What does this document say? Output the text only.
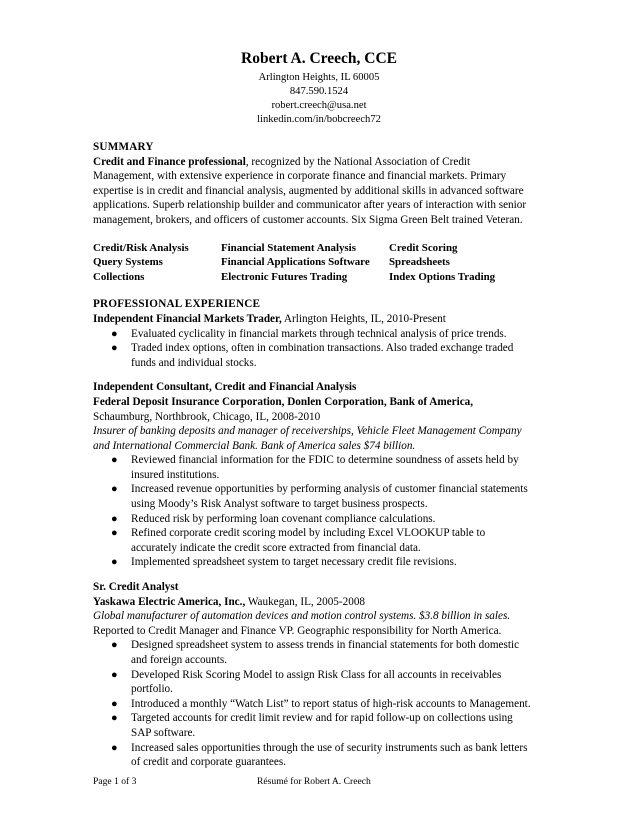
Robert A. Creech, CCE
Arlington Heights, IL 60005
847.590.1524
robert.creech@usa.net
linkedin.com/in/bobcreech72
SUMMARY
Credit and Finance professional, recognized by the National Association of Credit
Management, with extensive experience in corporate finance and financial markets. Primary
expertise is in credit and financial analysis, augmented by additional skills in advanced software
applications. Superb relationship builder and communicator after years of interaction with senior
management, brokers, and officers of customer accounts. Six Sigma Green Belt trained Veteran.
Credit/Risk Analysis	Financial Statement Analysis	Credit Scoring
Query Systems	Financial Applications Software	Spreadsheets
Collections	Electronic Futures Trading	Index Options Trading
PROFESSIONAL EXPERIENCE
Independent Financial Markets Trader, Arlington Heights, IL, 2010-Present
● Evaluated cyclicality in financial markets through technical analysis of price trends.
● Traded index options, often in combination transactions. Also traded exchange traded
funds and individual stocks.
Independent Consultant, Credit and Financial Analysis
Federal Deposit Insurance Corporation, Donlen Corporation, Bank of America,
Schaumburg, Northbrook, Chicago, IL, 2008-2010
Insurer of banking deposits and manager of receiverships, Vehicle Fleet Management Company
and International Commercial Bank. Bank of America sales $74 billion.
● Reviewed financial information for the FDIC to determine soundness of assets held by
insured institutions.
● Increased revenue opportunities by performing analysis of customer financial statements
using Moody’s Risk Analyst software to target business prospects.
● Reduced risk by performing loan covenant compliance calculations.
● Refined corporate credit scoring model by including Excel VLOOKUP table to
accurately indicate the credit score extracted from financial data.
● Implemented spreadsheet system to target necessary credit file revisions.
Sr. Credit Analyst
Yaskawa Electric America, Inc., Waukegan, IL, 2005-2008
Global manufacturer of automation devices and motion control systems. $3.8 billion in sales.
Reported to Credit Manager and Finance VP. Geographic responsibility for North America.
● Designed spreadsheet system to assess trends in financial statements for both domestic
and foreign accounts.
● Developed Risk Scoring Model to assign Risk Class for all accounts in receivables
portfolio.
● Introduced a monthly “Watch List” to report status of high-risk accounts to Management.
● Targeted accounts for credit limit review and for rapid follow-up on collections using
SAP software.
● Increased sales opportunities through the use of security instruments such as bank letters
of credit and corporate guarantees.
Page 1 of 3	Résumé for Robert A. Creech
